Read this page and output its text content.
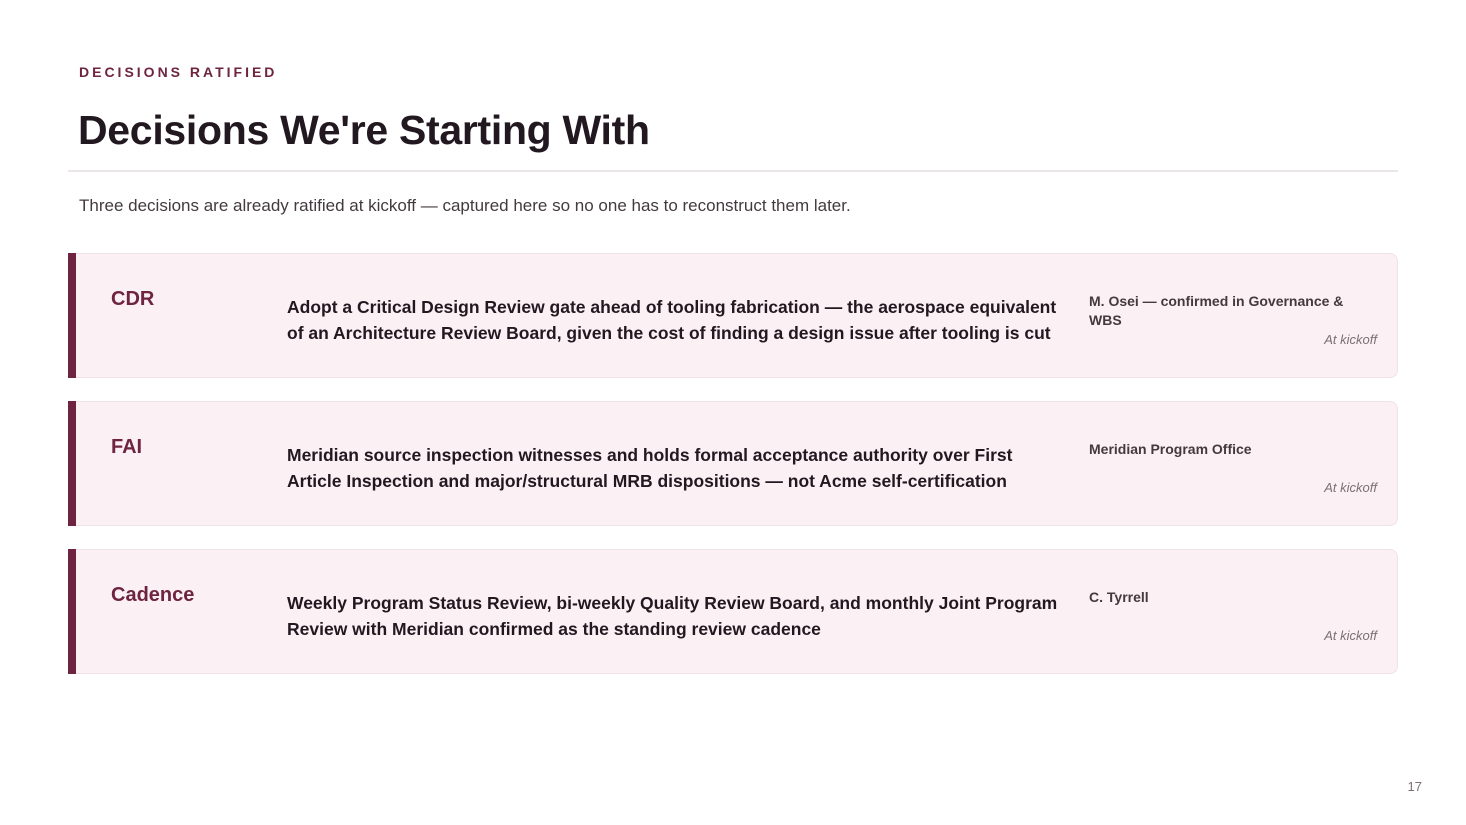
DECISIONS RATIFIED
Decisions We're Starting With
Three decisions are already ratified at kickoff — captured here so no one has to reconstruct them later.
CDR	Adopt a Critical Design Review gate ahead of tooling fabrication — the aerospace equivalent of an Architecture Review Board, given the cost of finding a design issue after tooling is cut
M. Osei — confirmed in Governance & WBS
At kickoff
FAI	Meridian source inspection witnesses and holds formal acceptance authority over First Article Inspection and major/structural MRB dispositions — not Acme self-certification
Meridian Program Office
At kickoff
Cadence	Weekly Program Status Review, bi-weekly Quality Review Board, and monthly Joint Program Review with Meridian confirmed as the standing review cadence
C. Tyrrell
At kickoff
17
